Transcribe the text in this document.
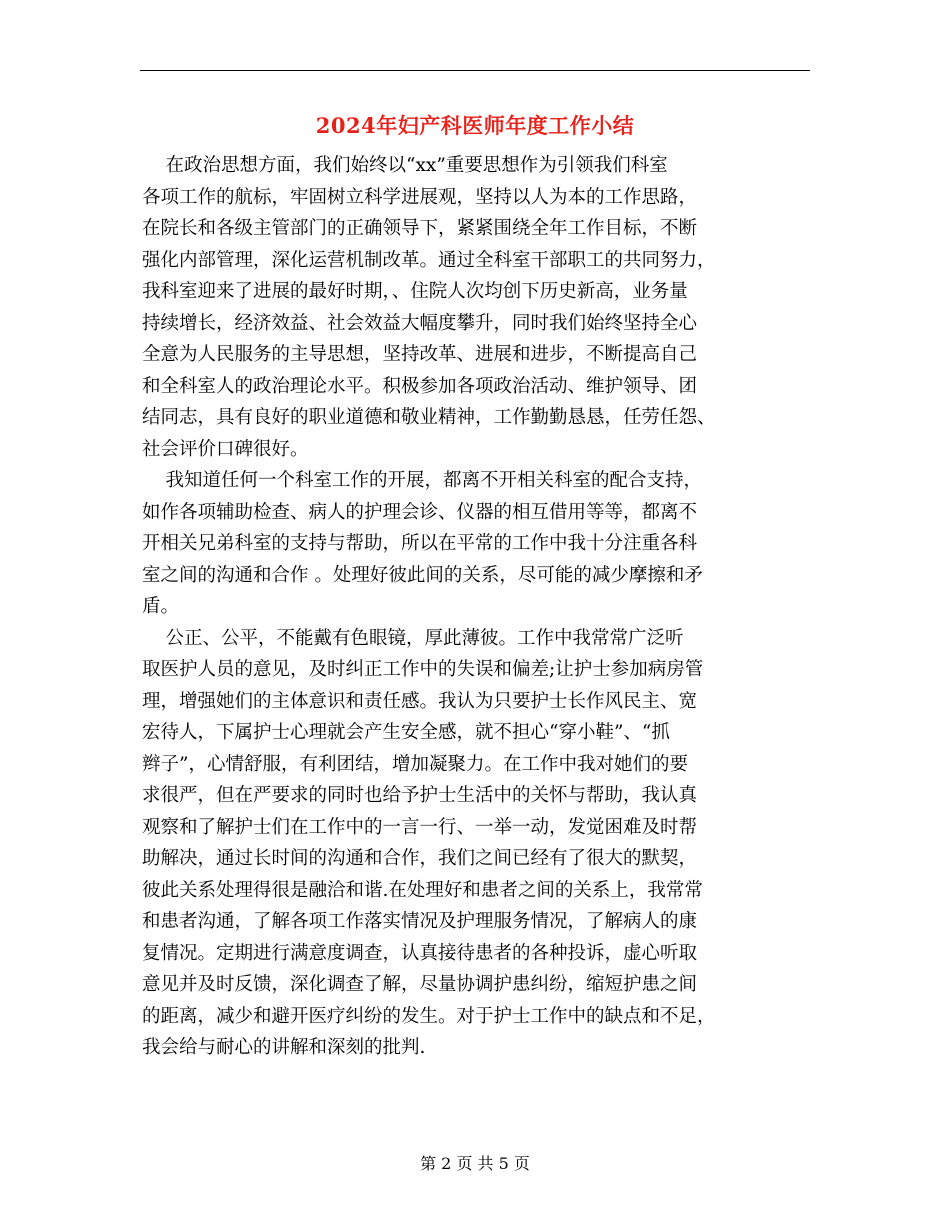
2024年妇产科医师年度工作小结

在政治思想方面，我们始终以“xx”重要思想作为引领我们科室
各项工作的航标，牢固树立科学进展观，坚持以人为本的工作思路，
在院长和各级主管部门的正确领导下，紧紧围绕全年工作目标，不断
强化内部管理，深化运营机制改革。通过全科室干部职工的共同努力，
我科室迎来了进展的最好时期，、住院人次均创下历史新高，业务量
持续增长，经济效益、社会效益大幅度攀升，同时我们始终坚持全心
全意为人民服务的主导思想，坚持改革、进展和进步，不断提高自己
和全科室人的政治理论水平。积极参加各项政治活动、维护领导、团
结同志，具有良好的职业道德和敬业精神，工作勤勤恳恳，任劳任怨、
社会评价口碑很好。

我知道任何一个科室工作的开展，都离不开相关科室的配合支持，
如作各项辅助检查、病人的护理会诊、仪器的相互借用等等，都离不
开相关兄弟科室的支持与帮助，所以在平常的工作中我十分注重各科
室之间的沟通和合作 。处理好彼此间的关系，尽可能的减少摩擦和矛
盾。

公正、公平，不能戴有色眼镜，厚此薄彼。工作中我常常广泛听
取医护人员的意见，及时纠正工作中的失误和偏差;让护士参加病房管
理，增强她们的主体意识和责任感。我认为只要护士长作风民主、宽
宏待人，下属护士心理就会产生安全感，就不担心“穿小鞋”、“抓
辫子”，心情舒服，有利团结，增加凝聚力。在工作中我对她们的要
求很严，但在严要求的同时也给予护士生活中的关怀与帮助，我认真
观察和了解护士们在工作中的一言一行、一举一动，发觉困难及时帮
助解决，通过长时间的沟通和合作，我们之间已经有了很大的默契，
彼此关系处理得很是融洽和谐.在处理好和患者之间的关系上，我常常
和患者沟通，了解各项工作落实情况及护理服务情况，了解病人的康
复情况。定期进行满意度调查，认真接待患者的各种投诉，虚心听取
意见并及时反馈，深化调查了解，尽量协调护患纠纷，缩短护患之间
的距离，减少和避开医疗纠纷的发生。对于护士工作中的缺点和不足，
我会给与耐心的讲解和深刻的批判.

第 2 页 共 5 页
